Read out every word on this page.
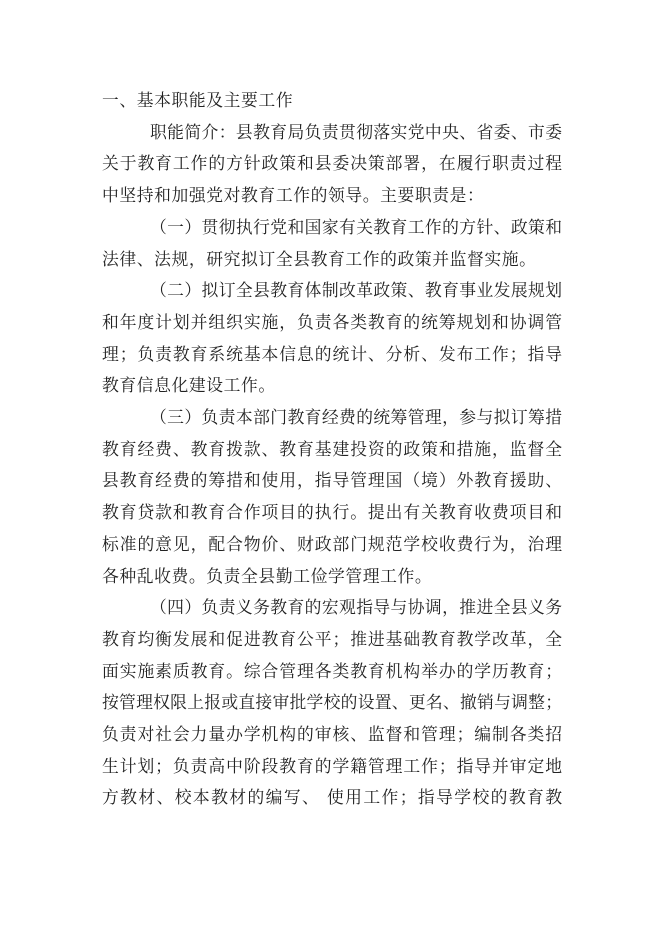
一、基本职能及主要工作
职能简介：县教育局负责贯彻落实党中央、省委、市委
关于教育工作的方针政策和县委决策部署，在履行职责过程
中坚持和加强党对教育工作的领导。主要职责是：
（一）贯彻执行党和国家有关教育工作的方针、政策和
法律、法规，研究拟订全县教育工作的政策并监督实施。
（二）拟订全县教育体制改革政策、教育事业发展规划
和年度计划并组织实施，负责各类教育的统筹规划和协调管
理；负责教育系统基本信息的统计、分析、发布工作；指导
教育信息化建设工作。
（三）负责本部门教育经费的统筹管理，参与拟订筹措
教育经费、教育拨款、教育基建投资的政策和措施，监督全
县教育经费的筹措和使用，指导管理国（境）外教育援助、
教育贷款和教育合作项目的执行。提出有关教育收费项目和
标准的意见，配合物价、财政部门规范学校收费行为，治理
各种乱收费。负责全县勤工俭学管理工作。
（四）负责义务教育的宏观指导与协调，推进全县义务
教育均衡发展和促进教育公平；推进基础教育教学改革，全
面实施素质教育。综合管理各类教育机构举办的学历教育；
按管理权限上报或直接审批学校的设置、更名、撤销与调整；
负责对社会力量办学机构的审核、监督和管理；编制各类招
生计划；负责高中阶段教育的学籍管理工作；指导并审定地
方教材、校本教材的编写、 使用工作；指导学校的教育教
